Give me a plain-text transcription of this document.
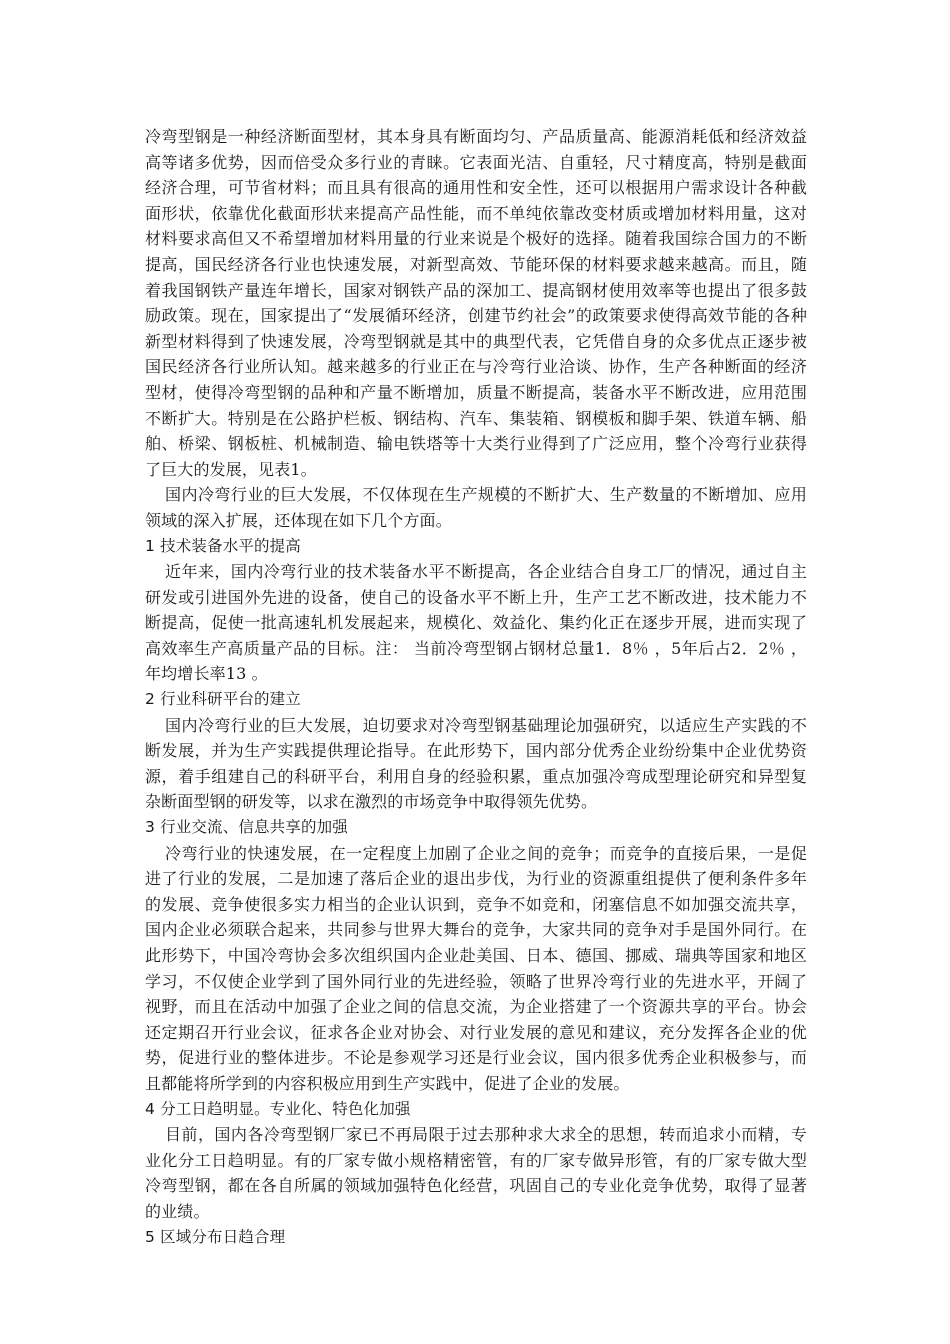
冷弯型钢是一种经济断面型材，其本身具有断面均匀、产品质量高、能源消耗低和经济效益高等诸多优势，因而倍受众多行业的青睐。它表面光洁、自重轻，尺寸精度高，特别是截面经济合理，可节省材料；而且具有很高的通用性和安全性，还可以根据用户需求设计各种截面形状，依靠优化截面形状来提高产品性能，而不单纯依靠改变材质或增加材料用量，这对材料要求高但又不希望增加材料用量的行业来说是个极好的选择。随着我国综合国力的不断提高，国民经济各行业也快速发展，对新型高效、节能环保的材料要求越来越高。而且，随着我国钢铁产量连年增长，国家对钢铁产品的深加工、提高钢材使用效率等也提出了很多鼓励政策。现在，国家提出了“发展循环经济，创建节约社会”的政策要求使得高效节能的各种新型材料得到了快速发展，冷弯型钢就是其中的典型代表，它凭借自身的众多优点正逐步被国民经济各行业所认知。越来越多的行业正在与冷弯行业洽谈、协作，生产各种断面的经济型材，使得冷弯型钢的品种和产量不断增加，质量不断提高，装备水平不断改进，应用范围不断扩大。特别是在公路护栏板、钢结构、汽车、集装箱、钢模板和脚手架、铁道车辆、船舶、桥梁、钢板桩、机械制造、输电铁塔等十大类行业得到了广泛应用，整个冷弯行业获得了巨大的发展，见表1。

国内冷弯行业的巨大发展，不仅体现在生产规模的不断扩大、生产数量的不断增加、应用领域的深入扩展，还体现在如下几个方面。

1 技术装备水平的提高

近年来，国内冷弯行业的技术装备水平不断提高，各企业结合自身工厂的情况，通过自主研发或引进国外先进的设备，使自己的设备水平不断上升，生产工艺不断改进，技术能力不断提高，促使一批高速轧机发展起来，规模化、效益化、集约化正在逐步开展，进而实现了高效率生产高质量产品的目标。注： 当前冷弯型钢占钢材总量1．8％ ，5年后占2．2％ ，年均增长率13 。

2 行业科研平台的建立

国内冷弯行业的巨大发展，迫切要求对冷弯型钢基础理论加强研究，以适应生产实践的不断发展，并为生产实践提供理论指导。在此形势下，国内部分优秀企业纷纷集中企业优势资源，着手组建自己的科研平台，利用自身的经验积累，重点加强冷弯成型理论研究和异型复杂断面型钢的研发等，以求在激烈的市场竞争中取得领先优势。

3 行业交流、信息共享的加强

冷弯行业的快速发展，在一定程度上加剧了企业之间的竞争；而竞争的直接后果，一是促进了行业的发展，二是加速了落后企业的退出步伐，为行业的资源重组提供了便利条件多年的发展、竞争使很多实力相当的企业认识到，竞争不如竞和，闭塞信息不如加强交流共享，国内企业必须联合起来，共同参与世界大舞台的竞争，大家共同的竞争对手是国外同行。在此形势下，中国冷弯协会多次组织国内企业赴美国、日本、德国、挪威、瑞典等国家和地区学习，不仅使企业学到了国外同行业的先进经验，领略了世界冷弯行业的先进水平，开阔了视野，而且在活动中加强了企业之间的信息交流，为企业搭建了一个资源共享的平台。协会还定期召开行业会议，征求各企业对协会、对行业发展的意见和建议，充分发挥各企业的优势，促进行业的整体进步。不论是参观学习还是行业会议，国内很多优秀企业积极参与，而且都能将所学到的内容积极应用到生产实践中，促进了企业的发展。

4 分工日趋明显。专业化、特色化加强

目前，国内各冷弯型钢厂家已不再局限于过去那种求大求全的思想，转而追求小而精，专业化分工日趋明显。有的厂家专做小规格精密管，有的厂家专做异形管，有的厂家专做大型冷弯型钢，都在各自所属的领域加强特色化经营，巩固自己的专业化竞争优势，取得了显著的业绩。

5 区域分布日趋合理
